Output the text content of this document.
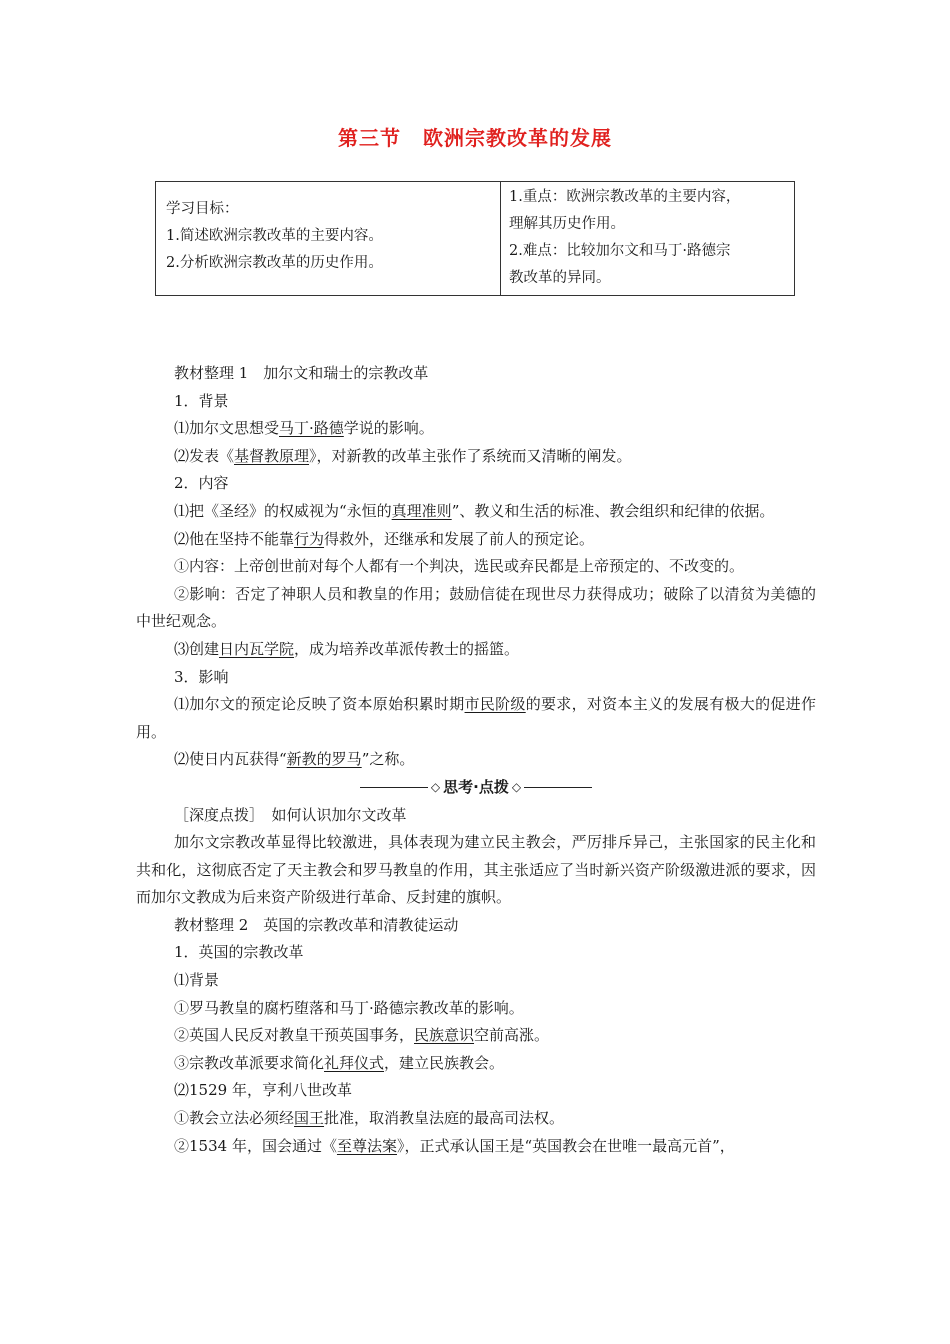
第三节 欧洲宗教改革的发展
学习目标：
1.简述欧洲宗教改革的主要内容。
2.分析欧洲宗教改革的历史作用。

1.重点：欧洲宗教改革的主要内容，
理解其历史作用。
2.难点：比较加尔文和马丁·路德宗
教改革的异同。

教材整理 1　加尔文和瑞士的宗教改革

1．背景

⑴加尔文思想受马丁·路德学说的影响。

⑵发表《基督教原理》，对新教的改革主张作了系统而又清晰的阐发。

2．内容

⑴把《圣经》的权威视为“永恒的真理准则”、教义和生活的标准、教会组织和纪律的依据。

⑵他在坚持不能靠行为得救外，还继承和发展了前人的预定论。

①内容：上帝创世前对每个人都有一个判决，选民或弃民都是上帝预定的、不改变的。

②影响：否定了神职人员和教皇的作用；鼓励信徒在现世尽力获得成功；破除了以清贫为美德的中世纪观念。

⑶创建日内瓦学院，成为培养改革派传教士的摇篮。

3．影响

⑴加尔文的预定论反映了资本原始积累时期市民阶级的要求，对资本主义的发展有极大的促进作用。

⑵使日内瓦获得“新教的罗马”之称。

◇ 思考·点拨 ◇

［深度点拨］　如何认识加尔文改革

加尔文宗教改革显得比较激进，具体表现为建立民主教会，严厉排斥异己，主张国家的民主化和共和化，这彻底否定了天主教会和罗马教皇的作用，其主张适应了当时新兴资产阶级激进派的要求，因而加尔文教成为后来资产阶级进行革命、反封建的旗帜。

教材整理 2　英国的宗教改革和清教徒运动

1．英国的宗教改革

⑴背景

①罗马教皇的腐朽堕落和马丁·路德宗教改革的影响。

②英国人民反对教皇干预英国事务，民族意识空前高涨。

③宗教改革派要求简化礼拜仪式，建立民族教会。

⑵1529 年，亨利八世改革

①教会立法必须经国王批准，取消教皇法庭的最高司法权。

②1534 年，国会通过《至尊法案》，正式承认国王是“英国教会在世唯一最高元首”，
